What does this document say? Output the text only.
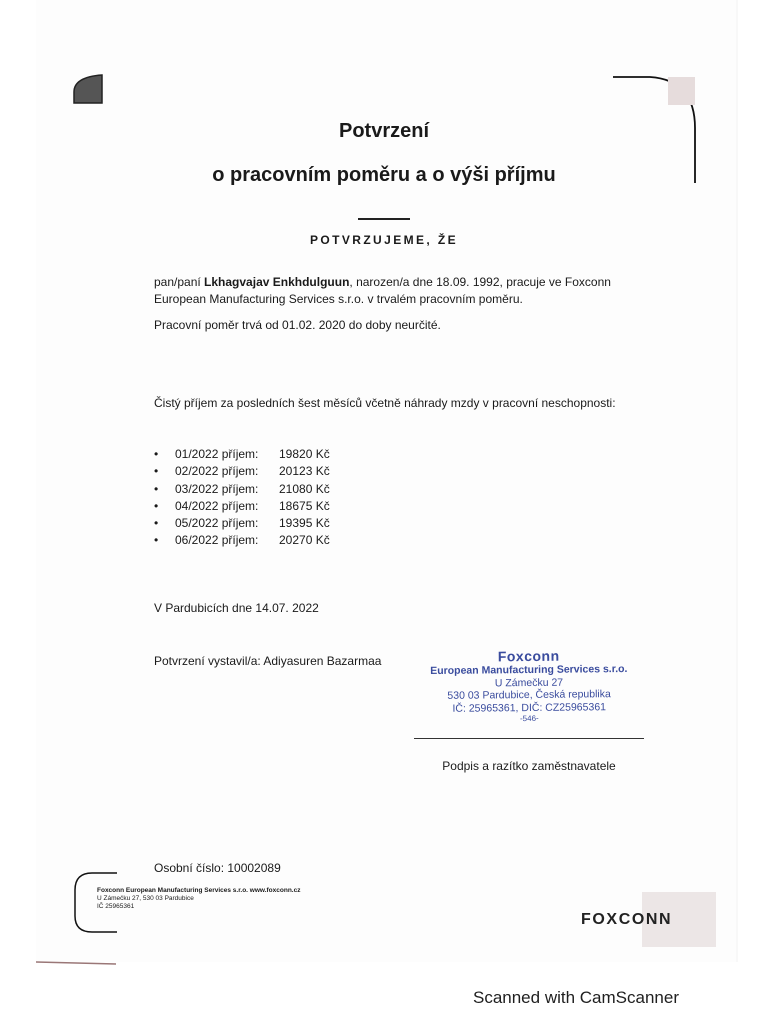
Potvrzení
o pracovním poměru a o výši příjmu
POTVRZUJEME, ŽE
pan/paní Lkhagvajav Enkhdulguun, narozen/a dne 18.09. 1992, pracuje ve Foxconn
European Manufacturing Services s.r.o. v trvalém pracovním poměru.
Pracovní poměr trvá od 01.02. 2020 do doby neurčité.
Čistý příjem za posledních šest měsíců včetně náhrady mzdy v pracovní neschopnosti:
• 01/2022 příjem: 19820 Kč
• 02/2022 příjem: 20123 Kč
• 03/2022 příjem: 21080 Kč
• 04/2022 příjem: 18675 Kč
• 05/2022 příjem: 19395 Kč
• 06/2022 příjem: 20270 Kč
V Pardubicích dne 14.07. 2022
Potvrzení vystavil/a: Adiyasuren Bazarmaa	Foxconn
European Manufacturing Services s.r.o.
U Zámečku 27
530 03 Pardubice, Česká republika
IČ: 25965361, DIČ: CZ25965361
-546-
Podpis a razítko zaměstnavatele
Osobní číslo: 10002089
Foxconn European Manufacturing Services s.r.o. www.foxconn.cz
U Zámečku 27, 530 03 Pardubice
IČ 25965361
FOXCONN
Scanned with CamScanner
